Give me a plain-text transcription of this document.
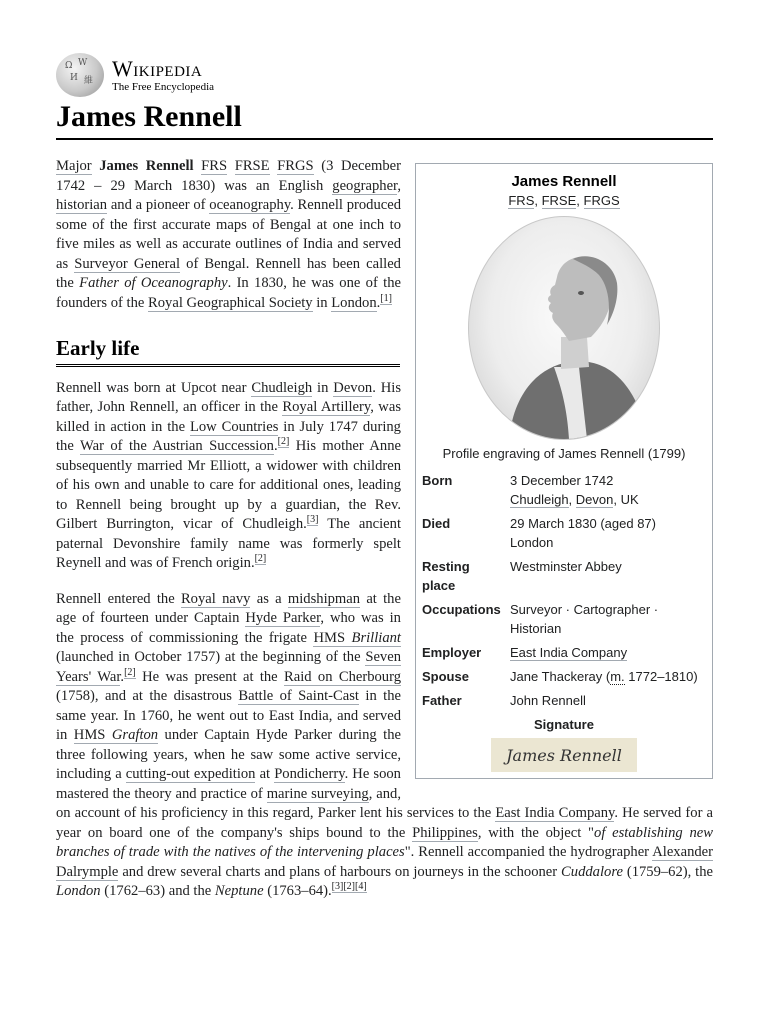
Ω W
И 維
Wikipedia
The Free Encyclopedia
James Rennell
James Rennell
FRS, FRSE, FRGS
Profile engraving of James Rennell (1799)
Born	3 December 1742
Chudleigh, Devon, UK
Died	29 March 1830 (aged 87)
London
Resting place	Westminster Abbey
Occupations	Surveyor · Cartographer · Historian
Employer	East India Company
Spouse	Jane Thackeray (m. 1772–1810)
Father	John Rennell
Signature
James Rennell

Major James Rennell FRS FRSE FRGS (3 December 1742 – 29 March 1830) was an English geographer, historian and a pioneer of oceanography. Rennell produced some of the first accurate maps of Bengal at one inch to five miles as well as accurate outlines of India and served as Surveyor General of Bengal. Rennell has been called the Father of Oceanography. In 1830, he was one of the founders of the Royal Geographical Society in London.[1]

Early life

Rennell was born at Upcot near Chudleigh in Devon. His father, John Rennell, an officer in the Royal Artillery, was killed in action in the Low Countries in July 1747 during the War of the Austrian Succession.[2] His mother Anne subsequently married Mr Elliott, a widower with children of his own and unable to care for additional ones, leading to Rennell being brought up by a guardian, the Rev. Gilbert Burrington, vicar of Chudleigh.[3] The ancient paternal Devonshire family name was formerly spelt Reynell and was of French origin.[2]

Rennell entered the Royal navy as a midshipman at the age of fourteen under Captain Hyde Parker, who was in the process of commissioning the frigate HMS Brilliant (launched in October 1757) at the beginning of the Seven Years' War.[2] He was present at the Raid on Cherbourg (1758), and at the disastrous Battle of Saint-Cast in the same year. In 1760, he went out to East India, and served in HMS Grafton under Captain Hyde Parker during the three following years, when he saw some active service, including a cutting-out expedition at Pondicherry. He soon mastered the theory and practice of marine surveying, and, on account of his proficiency in this regard, Parker lent his services to the East India Company. He served for a year on board one of the company's ships bound to the Philippines, with the object "of establishing new branches of trade with the natives of the intervening places". Rennell accompanied the hydrographer Alexander Dalrymple and drew several charts and plans of harbours on journeys in the schooner Cuddalore (1759–62), the London (1762–63) and the Neptune (1763–64).[3][2][4]
